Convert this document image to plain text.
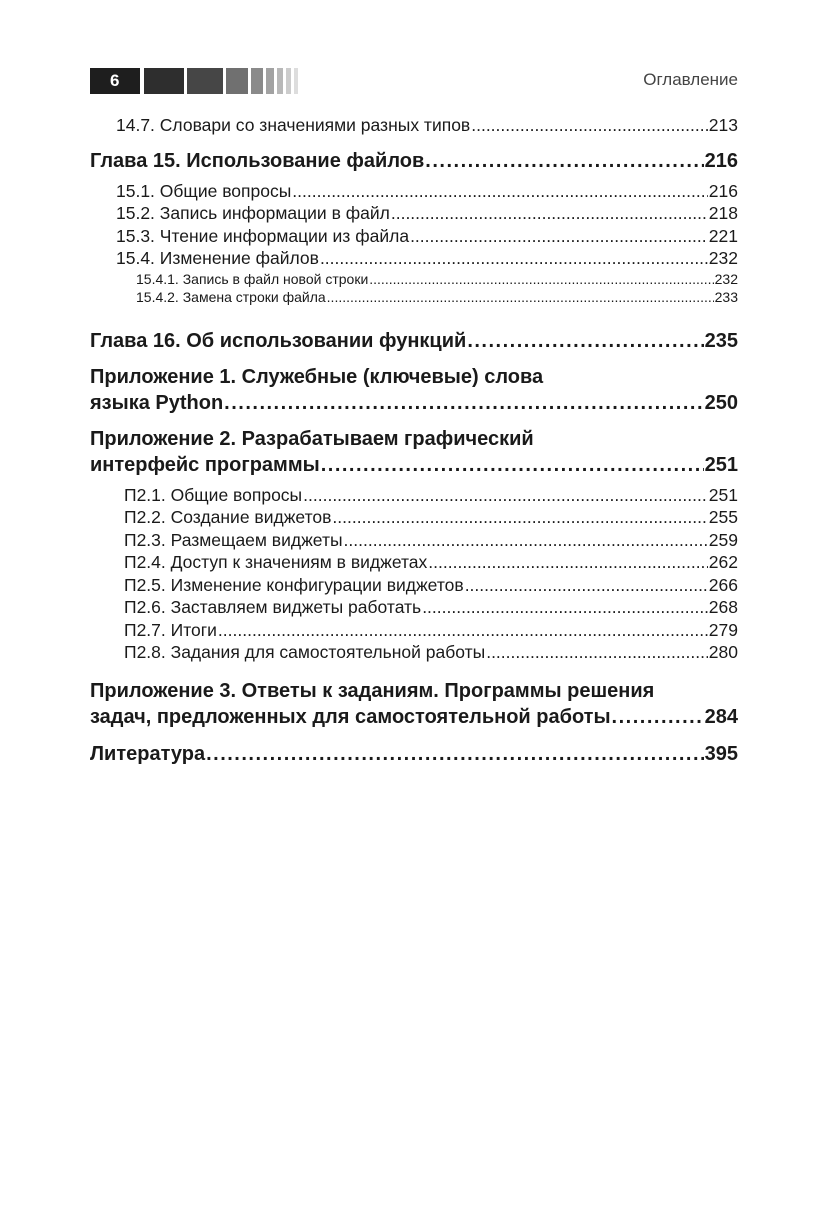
6	Оглавление
14.7. Словари со значениями разных типов .....	213
Глава 15. Использование файлов .....	216
15.1. Общие вопросы .....	216
15.2. Запись информации в файл .....	218
15.3. Чтение информации из файла .....	221
15.4. Изменение файлов .....	232
15.4.1. Запись в файл новой строки .....	232
15.4.2. Замена строки файла .....	233
Глава 16. Об использовании функций .....	235
Приложение 1. Служебные (ключевые) слова
языка Python .....	250
Приложение 2. Разрабатываем графический
интерфейс программы .....	251
П2.1. Общие вопросы .....	251
П2.2. Создание виджетов .....	255
П2.3. Размещаем виджеты .....	259
П2.4. Доступ к значениям в виджетах .....	262
П2.5. Изменение конфигурации виджетов .....	266
П2.6. Заставляем виджеты работать .....	268
П2.7. Итоги .....	279
П2.8. Задания для самостоятельной работы .....	280
Приложение 3. Ответы к заданиям. Программы решения
задач, предложенных для самостоятельной работы .....	284
Литература .....	395
